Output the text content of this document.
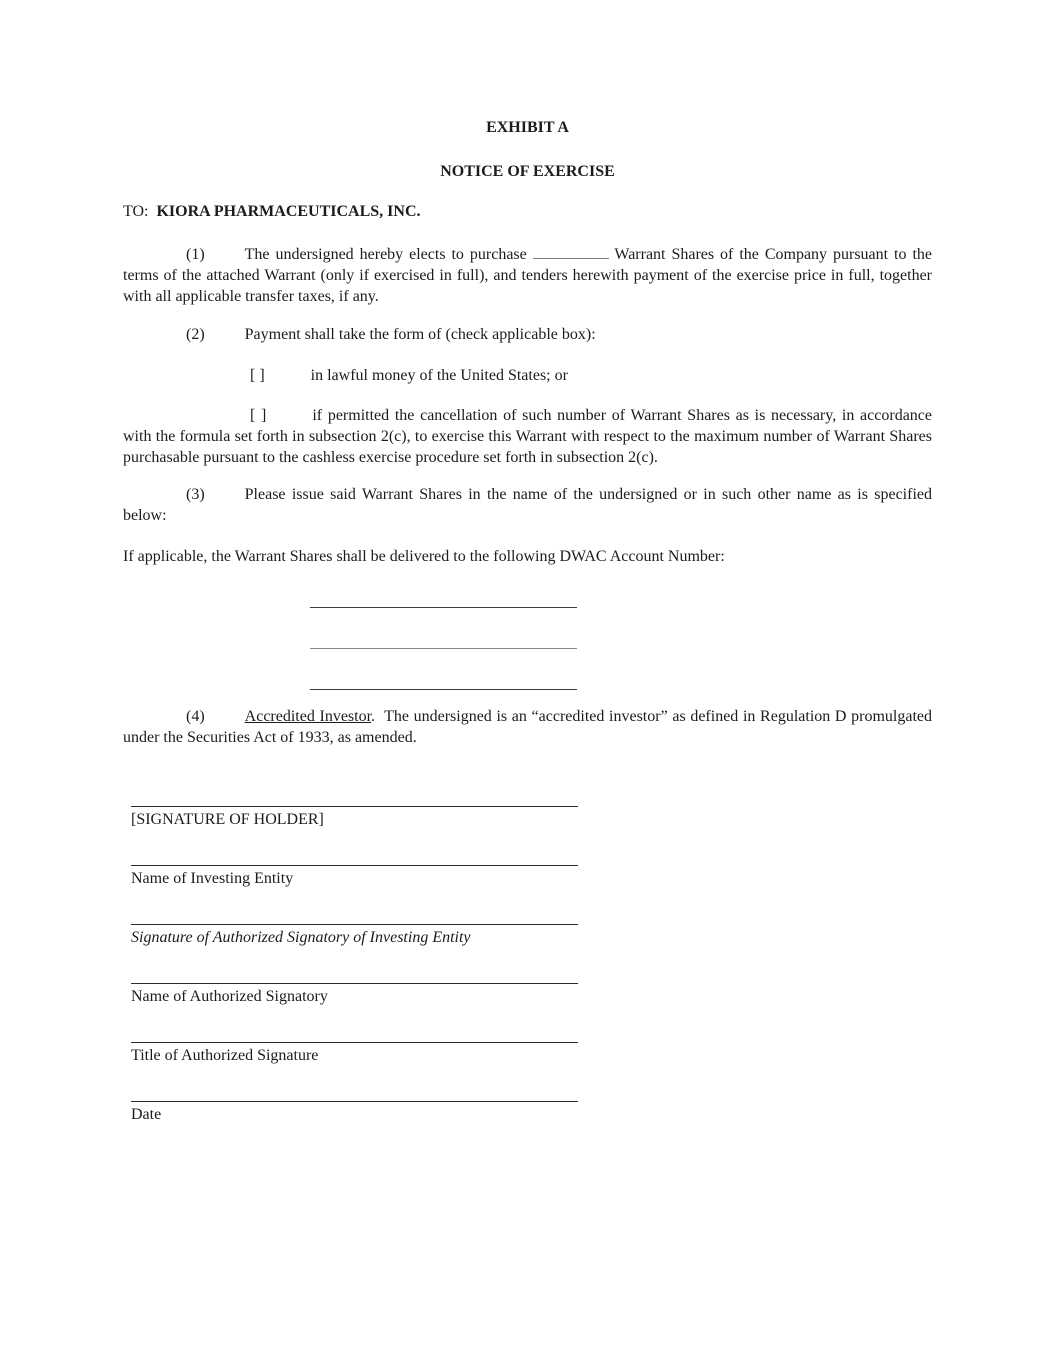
EXHIBIT A
NOTICE OF EXERCISE

TO: KIORA PHARMACEUTICALS, INC.

(1)	The undersigned hereby elects to purchase	Warrant Shares of the Company pursuant to the terms of the attached Warrant (only if exercised in full), and tenders herewith payment of the exercise price in full, together with all applicable transfer taxes, if any.

(2)	Payment shall take the form of (check applicable box):

[ ]	in lawful money of the United States; or

[ ]	if permitted the cancellation of such number of Warrant Shares as is necessary, in accordance with the formula set forth in subsection 2(c), to exercise this Warrant with respect to the maximum number of Warrant Shares purchasable pursuant to the cashless exercise procedure set forth in subsection 2(c).

(3)	Please issue said Warrant Shares in the name of the undersigned or in such other name as is specified below:

If applicable, the Warrant Shares shall be delivered to the following DWAC Account Number:

(4)	Accredited Investor.  The undersigned is an “accredited investor” as defined in Regulation D promulgated under the Securities Act of 1933, as amended.

[SIGNATURE OF HOLDER]
Name of Investing Entity
Signature of Authorized Signatory of Investing Entity
Name of Authorized Signatory
Title of Authorized Signature
Date
